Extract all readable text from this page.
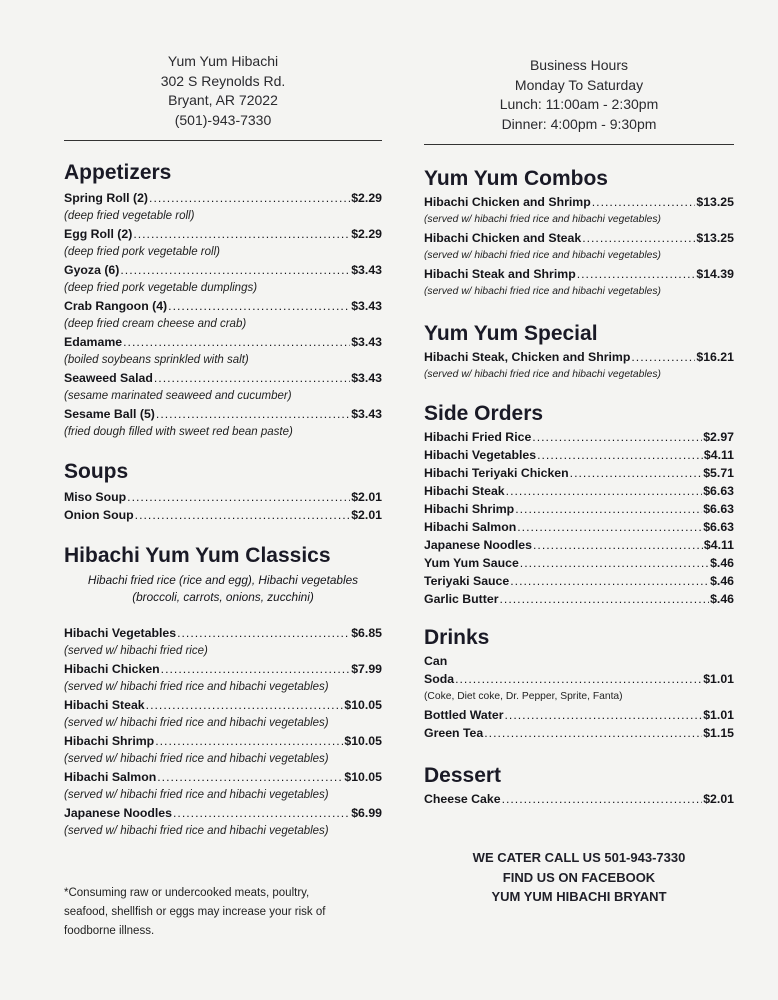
Yum Yum Hibachi
302 S Reynolds Rd.
Bryant, AR 72022
(501)-943-7330
Appetizers
Spring Roll (2) .....	$2.29
(deep fried vegetable roll)
Egg Roll (2) .....	$2.29
(deep fried pork vegetable roll)
Gyoza (6) .....	$3.43
(deep fried pork vegetable dumplings)
Crab Rangoon (4) .....	$3.43
(deep fried cream cheese and crab)
Edamame .....	$3.43
(boiled soybeans sprinkled with salt)
Seaweed Salad .....	$3.43
(sesame marinated seaweed and cucumber)
Sesame Ball (5) .....	$3.43
(fried dough filled with sweet red bean paste)
Soups
Miso Soup .....	$2.01
Onion Soup .....	$2.01
Hibachi Yum Yum Classics
Hibachi fried rice (rice and egg), Hibachi vegetables
(broccoli, carrots, onions, zucchini)
Hibachi Vegetables .....	$6.85
(served w/ hibachi fried rice)
Hibachi Chicken .....	$7.99
(served w/ hibachi fried rice and hibachi vegetables)
Hibachi Steak .....	$10.05
(served w/ hibachi fried rice and hibachi vegetables)
Hibachi Shrimp .....	$10.05
(served w/ hibachi fried rice and hibachi vegetables)
Hibachi Salmon .....	$10.05
(served w/ hibachi fried rice and hibachi vegetables)
Japanese Noodles .....	$6.99
(served w/ hibachi fried rice and hibachi vegetables)
*Consuming raw or undercooked meats, poultry,
seafood, shellfish or eggs may increase your risk of
foodborne illness.
Business Hours
Monday To Saturday
Lunch: 11:00am - 2:30pm
Dinner: 4:00pm - 9:30pm
Yum Yum Combos
Hibachi Chicken and Shrimp .....	$13.25
(served w/ hibachi fried rice and hibachi vegetables)
Hibachi Chicken and Steak .....	$13.25
(served w/ hibachi fried rice and hibachi vegetables)
Hibachi Steak and Shrimp .....	$14.39
(served w/ hibachi fried rice and hibachi vegetables)
Yum Yum Special
Hibachi Steak, Chicken and Shrimp .....	$16.21
(served w/ hibachi fried rice and hibachi vegetables)
Side Orders
Hibachi Fried Rice .....	$2.97
Hibachi Vegetables .....	$4.11
Hibachi Teriyaki Chicken .....	$5.71
Hibachi Steak .....	$6.63
Hibachi Shrimp .....	$6.63
Hibachi Salmon .....	$6.63
Japanese Noodles .....	$4.11
Yum Yum Sauce .....	$.46
Teriyaki Sauce .....	$.46
Garlic Butter .....	$.46
Drinks
Can
Soda .....	$1.01
(Coke, Diet coke, Dr. Pepper, Sprite, Fanta)
Bottled Water .....	$1.01
Green Tea .....	$1.15
Dessert
Cheese Cake .....	$2.01
WE CATER CALL US 501-943-7330
FIND US ON FACEBOOK
YUM YUM HIBACHI BRYANT
